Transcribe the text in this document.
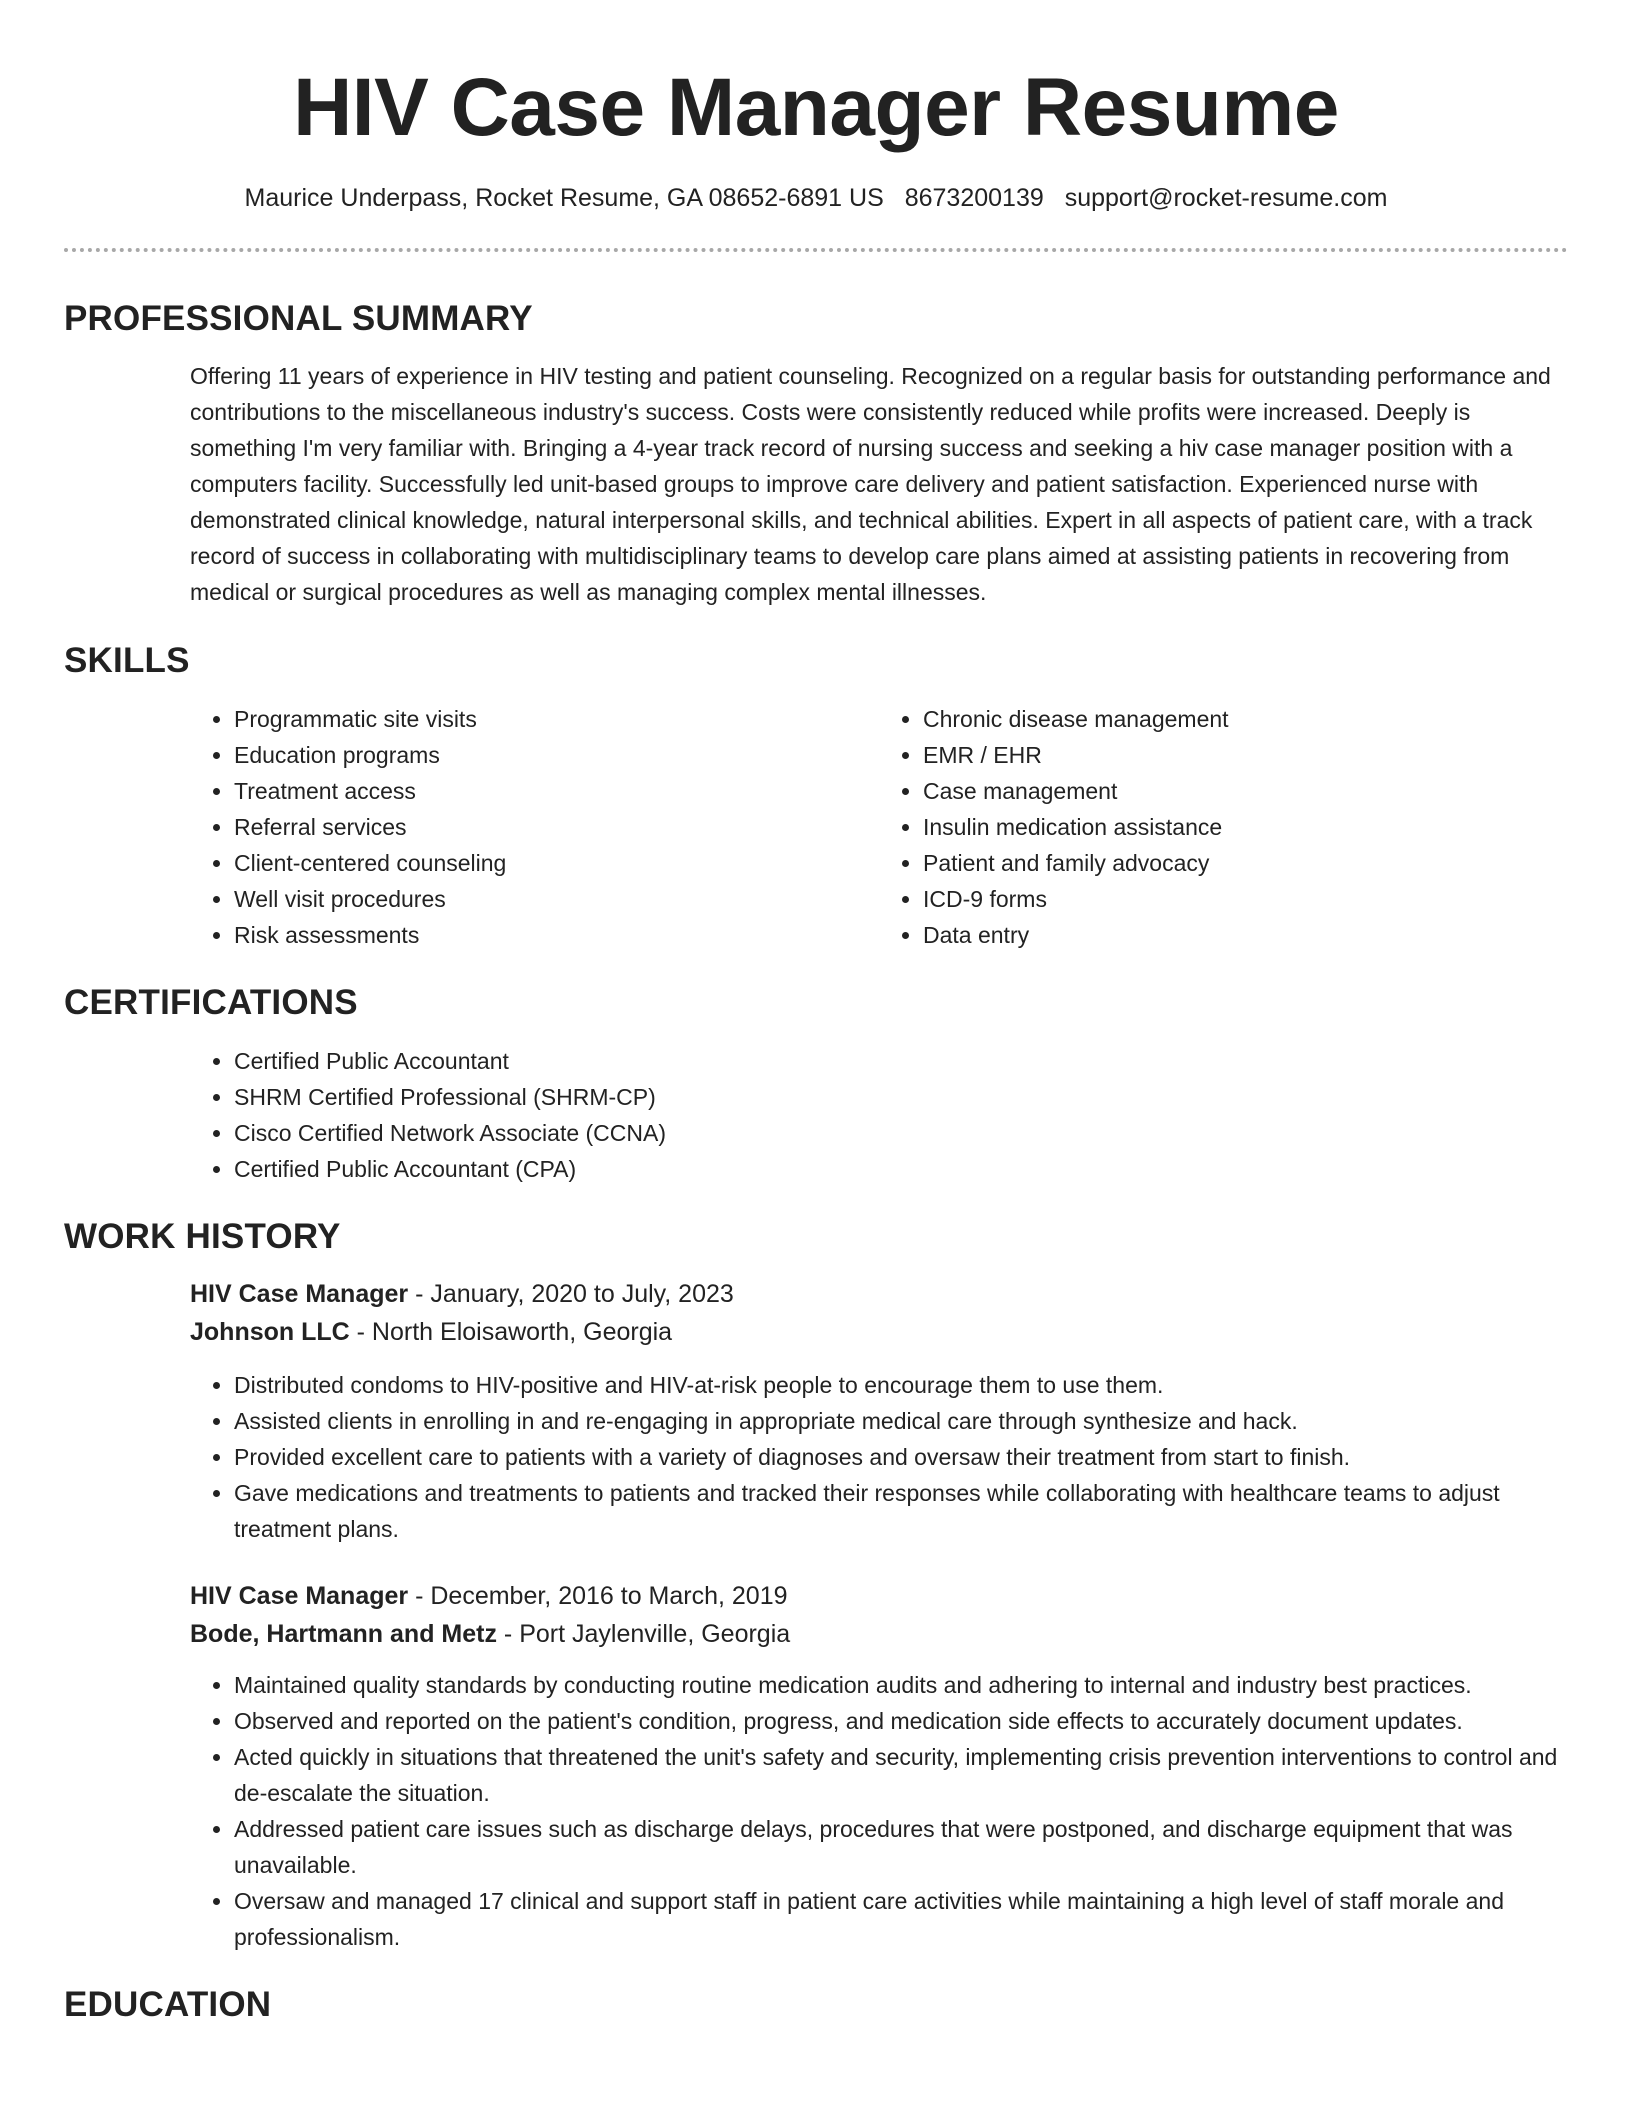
HIV Case Manager Resume
Maurice Underpass, Rocket Resume, GA 08652-6891 US 8673200139 support@rocket-resume.com
PROFESSIONAL SUMMARY

Offering 11 years of experience in HIV testing and patient counseling. Recognized on a regular basis for outstanding performance and contributions to the miscellaneous industry's success. Costs were consistently reduced while profits were increased. Deeply is something I'm very familiar with. Bringing a 4-year track record of nursing success and seeking a hiv case manager position with a computers facility. Successfully led unit-based groups to improve care delivery and patient satisfaction. Experienced nurse with demonstrated clinical knowledge, natural interpersonal skills, and technical abilities. Expert in all aspects of patient care, with a track record of success in collaborating with multidisciplinary teams to develop care plans aimed at assisting patients in recovering from medical or surgical procedures as well as managing complex mental illnesses.

SKILLS
• Programmatic site visits
• Education programs
• Treatment access
• Referral services
• Client-centered counseling
• Well visit procedures
• Risk assessments
• Chronic disease management
• EMR / EHR
• Case management
• Insulin medication assistance
• Patient and family advocacy
• ICD-9 forms
• Data entry
CERTIFICATIONS
• Certified Public Accountant
• SHRM Certified Professional (SHRM-CP)
• Cisco Certified Network Associate (CCNA)
• Certified Public Accountant (CPA)
WORK HISTORY
HIV Case Manager - January, 2020 to July, 2023
Johnson LLC - North Eloisaworth, Georgia
• Distributed condoms to HIV-positive and HIV-at-risk people to encourage them to use them.
• Assisted clients in enrolling in and re-engaging in appropriate medical care through synthesize and hack.
• Provided excellent care to patients with a variety of diagnoses and oversaw their treatment from start to finish.
• Gave medications and treatments to patients and tracked their responses while collaborating with healthcare teams to adjust treatment plans.
HIV Case Manager - December, 2016 to March, 2019
Bode, Hartmann and Metz - Port Jaylenville, Georgia
• Maintained quality standards by conducting routine medication audits and adhering to internal and industry best practices.
• Observed and reported on the patient's condition, progress, and medication side effects to accurately document updates.
• Acted quickly in situations that threatened the unit's safety and security, implementing crisis prevention interventions to control and de-escalate the situation.
• Addressed patient care issues such as discharge delays, procedures that were postponed, and discharge equipment that was unavailable.
• Oversaw and managed 17 clinical and support staff in patient care activities while maintaining a high level of staff morale and professionalism.
EDUCATION
